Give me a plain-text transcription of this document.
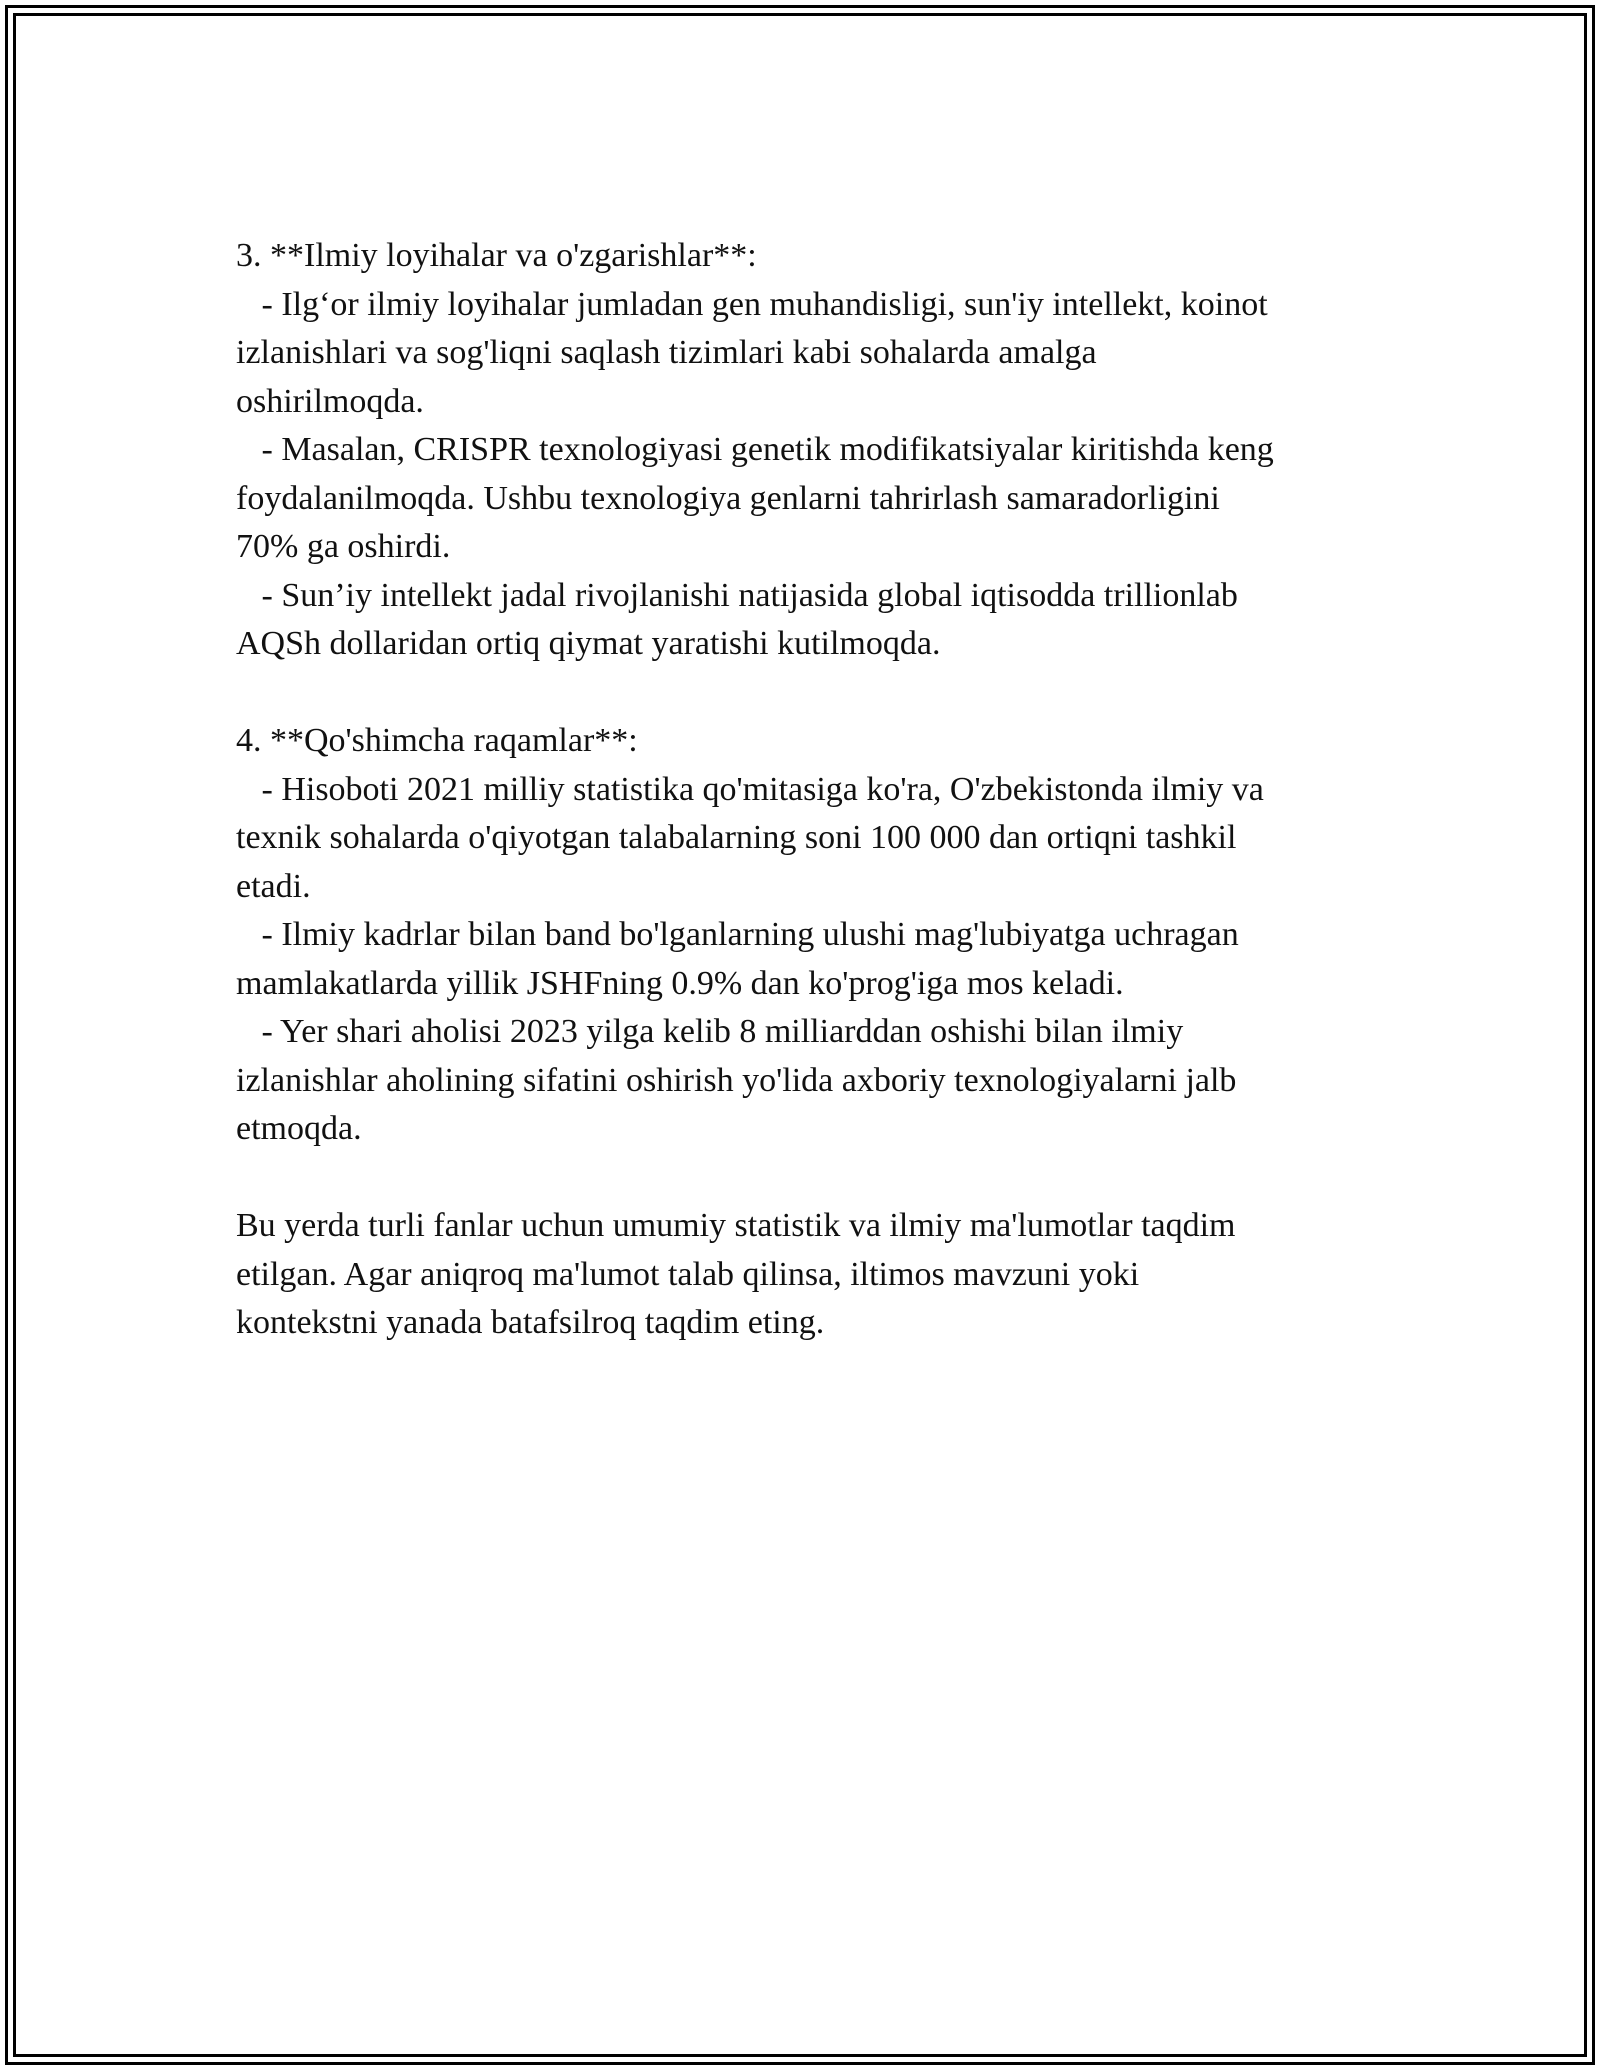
3. **Ilmiy loyihalar va o'zgarishlar**:

- Ilg‘or ilmiy loyihalar jumladan gen muhandisligi, sun'iy intellekt, koinot

izlanishlari va sog'liqni saqlash tizimlari kabi sohalarda amalga

oshirilmoqda.

- Masalan, CRISPR texnologiyasi genetik modifikatsiyalar kiritishda keng

foydalanilmoqda. Ushbu texnologiya genlarni tahrirlash samaradorligini

70% ga oshirdi.

- Sun’iy intellekt jadal rivojlanishi natijasida global iqtisodda trillionlab

AQSh dollaridan ortiq qiymat yaratishi kutilmoqda.

4. **Qo'shimcha raqamlar**:

- Hisoboti 2021 milliy statistika qo'mitasiga ko'ra, O'zbekistonda ilmiy va

texnik sohalarda o'qiyotgan talabalarning soni 100 000 dan ortiqni tashkil

etadi.

- Ilmiy kadrlar bilan band bo'lganlarning ulushi mag'lubiyatga uchragan

mamlakatlarda yillik JSHFning 0.9% dan ko'prog'iga mos keladi.

- Yer shari aholisi 2023 yilga kelib 8 milliarddan oshishi bilan ilmiy

izlanishlar aholining sifatini oshirish yo'lida axboriy texnologiyalarni jalb

etmoqda.

Bu yerda turli fanlar uchun umumiy statistik va ilmiy ma'lumotlar taqdim

etilgan. Agar aniqroq ma'lumot talab qilinsa, iltimos mavzuni yoki

kontekstni yanada batafsilroq taqdim eting.
